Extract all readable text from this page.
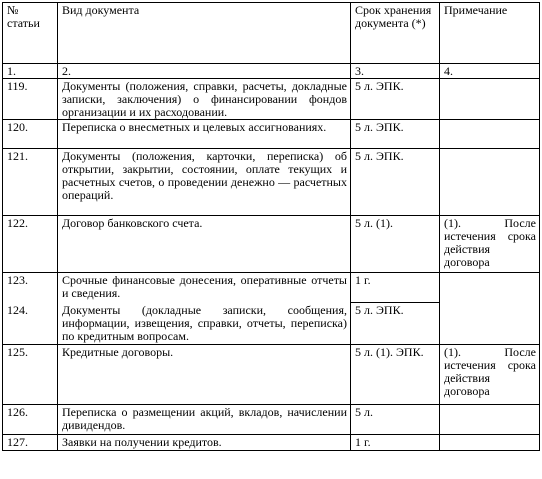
№ статьи	Вид документа	Срок хранения документа (*)	Примечание
1.	2.	3.	4.
119.	Документы (положения, справки, расчеты, докладные записки, заключения) о финансировании фондов организации и их расходовании.	5 л. ЭПК.	
120.	Переписка о внесметных и целевых ассигнованиях.	5 л. ЭПК.	
121.	Документы (положения, карточки, переписка) об открытии, закрытии, состоянии, оплате текущих и расчетных счетов, о проведении денежно — расчетных операций.	5 л. ЭПК.	
122.	Договор банковского счета.	5 л. (1).	(1). После истечения срока действия договора
123.	Срочные финансовые донесения, оперативные отчеты и сведения.	1 г.	
124.	Документы (докладные записки, сообщения, информации, извещения, справки, отчеты, переписка) по кредитным вопросам.	5 л. ЭПК.	
125.	Кредитные договоры.	5 л. (1). ЭПК.	(1). После истечения срока действия договора
126.	Переписка о размещении акций, вкладов, начислении дивидендов.	5 л.	
127.	Заявки на получении кредитов.	1 г.	
